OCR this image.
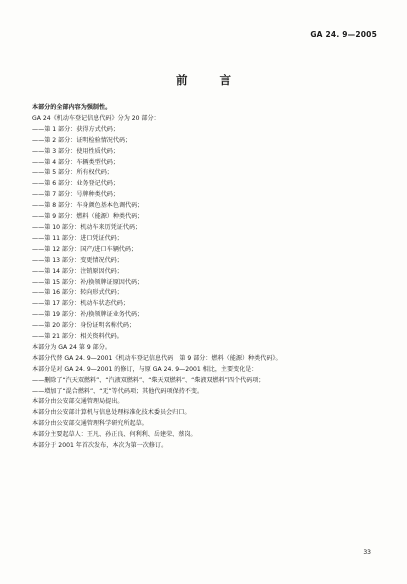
GA 24. 9—2005
前 言
本部分的全部内容为强制性。
GA 24《机动车登记信息代码》分为 20 部分：
——第 1 部分：获得方式代码；
——第 2 部分：证明检验情况代码；
——第 3 部分：使用性质代码；
——第 4 部分：车辆类型代码；
——第 5 部分：所有权代码；
——第 6 部分：业务登记代码；
——第 7 部分：号牌种类代码；
——第 8 部分：车身颜色基本色调代码；
——第 9 部分：燃料（能源）种类代码；
——第 10 部分：机动车来历凭证代码；
——第 11 部分：进口凭证代码；
——第 12 部分：国产/进口车辆代码；
——第 13 部分：变更情况代码；
——第 14 部分：注销原因代码；
——第 15 部分：补/换领牌证原因代码；
——第 16 部分：转向形式代码；
——第 17 部分：机动车状态代码；
——第 19 部分：补/换领牌证业务代码；
——第 20 部分：身份证明名称代码；
——第 21 部分：相关资料代码。
本部分为 GA 24 第 9 部分。
本部分代替 GA 24. 9—2001《机动车登记信息代码　第 9 部分：燃料（能源）种类代码》。
本部分是对 GA 24. 9—2001 的修订，与原 GA 24. 9—2001 相比，主要变化是：
——删除了“汽天双燃料”、“汽液双燃料”、“柴天双燃料”、“柴液双燃料”四个代码项；
——增加了“混合燃料”、“无”等代码项；其他代码项保持不变。
本部分由公安部交通管理局提出。
本部分由公安部计算机与信息处理标准化技术委员会归口。
本部分由公安部交通管理科学研究所起草。
本部分主要起草人：王凡、孙正良、何利利、岳建荣、蔡岗。
本部分于 2001 年首次发布，本次为第一次修订。
33
